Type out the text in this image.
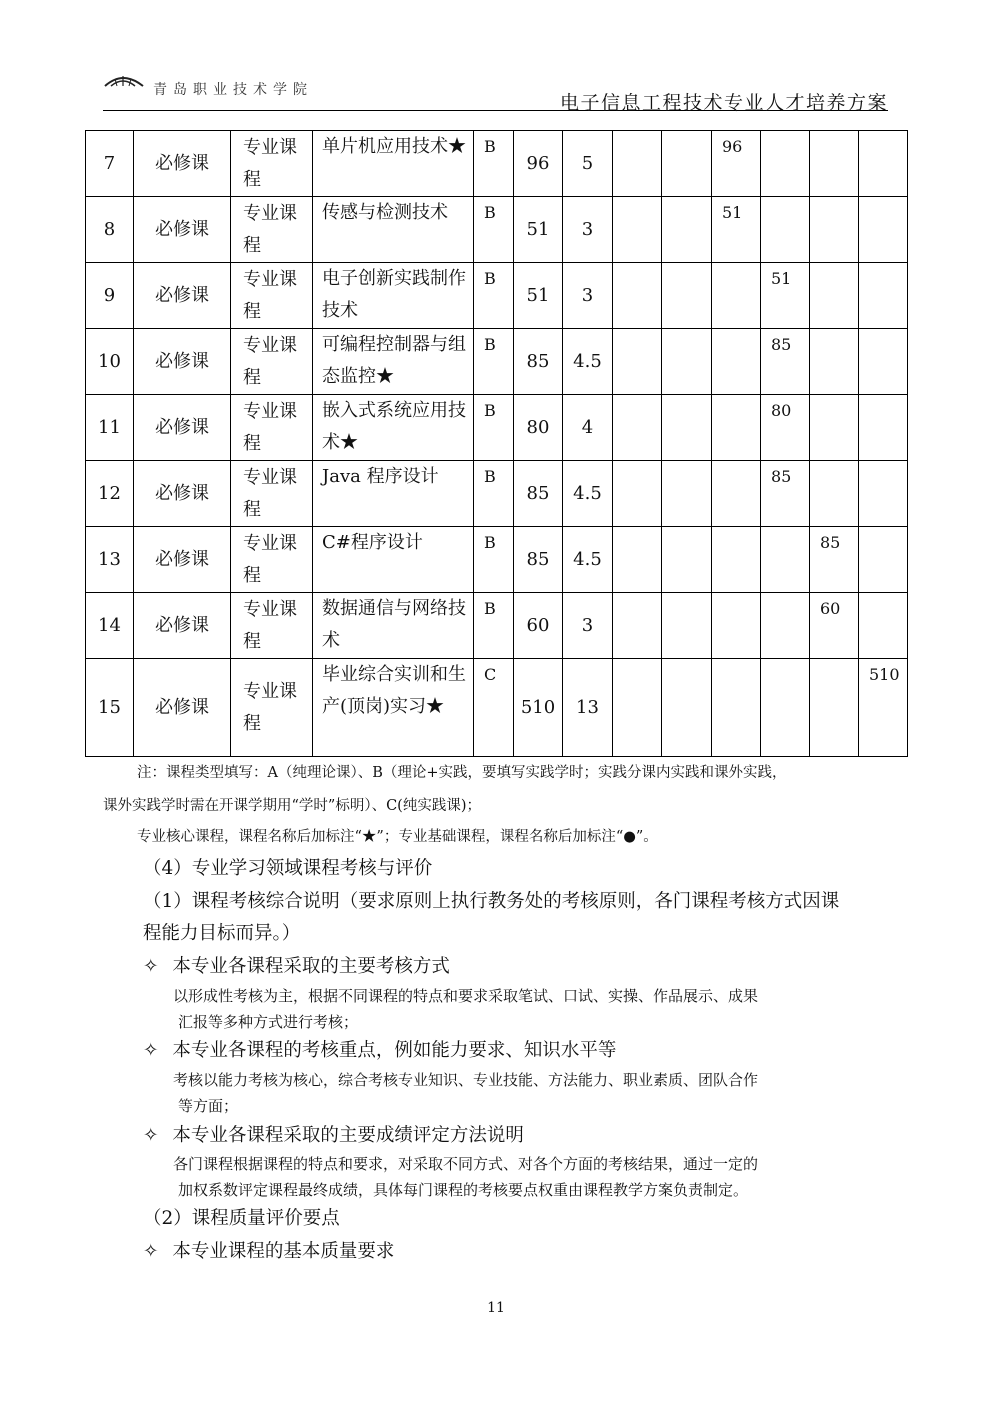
青岛职业技术学院
电子信息工程技术专业人才培养方案
7	必修课	专业课程	单片机应用技术★	B	96	5			96			
8	必修课	专业课程	传感与检测技术	B	51	3			51			
9	必修课	专业课程	电子创新实践制作技术	B	51	3				51		
10	必修课	专业课程	可编程控制器与组态监控★	B	85	4.5				85		
11	必修课	专业课程	嵌入式系统应用技术★	B	80	4				80		
12	必修课	专业课程	Java 程序设计	B	85	4.5				85		
13	必修课	专业课程	C#程序设计	B	85	4.5					85	
14	必修课	专业课程	数据通信与网络技术	B	60	3					60	
15	必修课	专业课程	毕业综合实训和生产(顶岗)实习★	C	510	13						510
注：课程类型填写：A（纯理论课）、B（理论+实践，要填写实践学时；实践分课内实践和课外实践，
课外实践学时需在开课学期用“学时”标明）、C(纯实践课)；
专业核心课程，课程名称后加标注“★”；专业基础课程，课程名称后加标注“●”。
（4）专业学习领域课程考核与评价
（1）课程考核综合说明（要求原则上执行教务处的考核原则，各门课程考核方式因课
程能力目标而异。）
✧ 本专业各课程采取的主要考核方式
以形成性考核为主，根据不同课程的特点和要求采取笔试、口试、实操、作品展示、成果
汇报等多种方式进行考核；
✧ 本专业各课程的考核重点，例如能力要求、知识水平等
考核以能力考核为核心，综合考核专业知识、专业技能、方法能力、职业素质、团队合作
等方面；
✧ 本专业各课程采取的主要成绩评定方法说明
各门课程根据课程的特点和要求，对采取不同方式、对各个方面的考核结果，通过一定的
加权系数评定课程最终成绩，具体每门课程的考核要点权重由课程教学方案负责制定。
（2）课程质量评价要点
✧ 本专业课程的基本质量要求
11
